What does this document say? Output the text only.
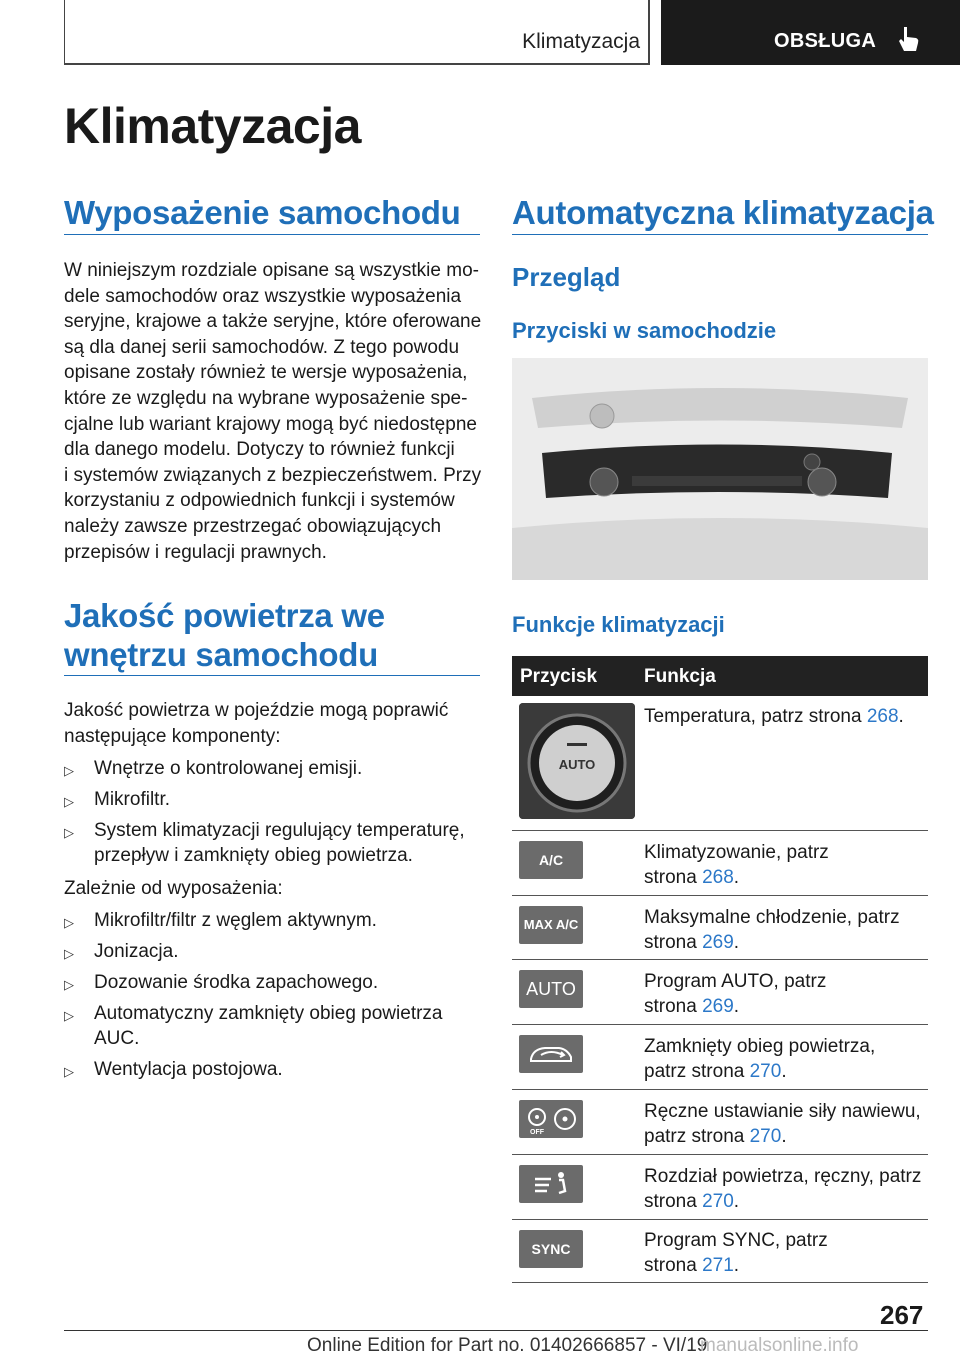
Klimatyzacja	OBSŁUGA
Klimatyzacja
Wyposażenie samochodu
W niniejszym rozdziale opisane są wszystkie mo‐
dele samochodów oraz wszystkie wyposażenia
seryjne, krajowe a także seryjne, które oferowane
są dla danej serii samochodów. Z tego powodu
opisane zostały również te wersje wyposażenia,
które ze względu na wybrane wyposażenie spe‐
cjalne lub wariant krajowy mogą być niedostępne
dla danego modelu. Dotyczy to również funkcji
i systemów związanych z bezpieczeństwem. Przy
korzystaniu z odpowiednich funkcji i systemów
należy zawsze przestrzegać obowiązujących
przepisów i regulacji prawnych.
Jakość powietrza we
wnętrzu samochodu
Jakość powietrza w pojeździe mogą poprawić
następujące komponenty:
▷ Wnętrze o kontrolowanej emisji.
▷ Mikrofiltr.
▷ System klimatyzacji regulujący temperaturę,
przepływ i zamknięty obieg powietrza.
Zależnie od wyposażenia:
▷ Mikrofiltr/filtr z węglem aktywnym.
▷ Jonizacja.
▷ Dozowanie środka zapachowego.
▷ Automatyczny zamknięty obieg powietrza
AUC.
▷ Wentylacja postojowa.
Automatyczna klimatyzacja
Przegląd
Przyciski w samochodzie
Funkcje klimatyzacji
Przycisk Funkcja
AUTO
Temperatura, patrz strona 268.
A/C	Klimatyzowanie, patrz
strona 268.
MAX A/C	Maksymalne chłodzenie, patrz
strona 269.
AUTO	Program AUTO, patrz
strona 269.
Zamknięty obieg powietrza,
patrz strona 270.
OFF
Ręczne ustawianie siły nawiewu,
patrz strona 270.
Rozdział powietrza, ręczny, patrz
strona 270.
SYNC	Program SYNC, patrz
strona 271.
267
Online Edition for Part no. 01402666857 - VI/19
manualsonline.info
